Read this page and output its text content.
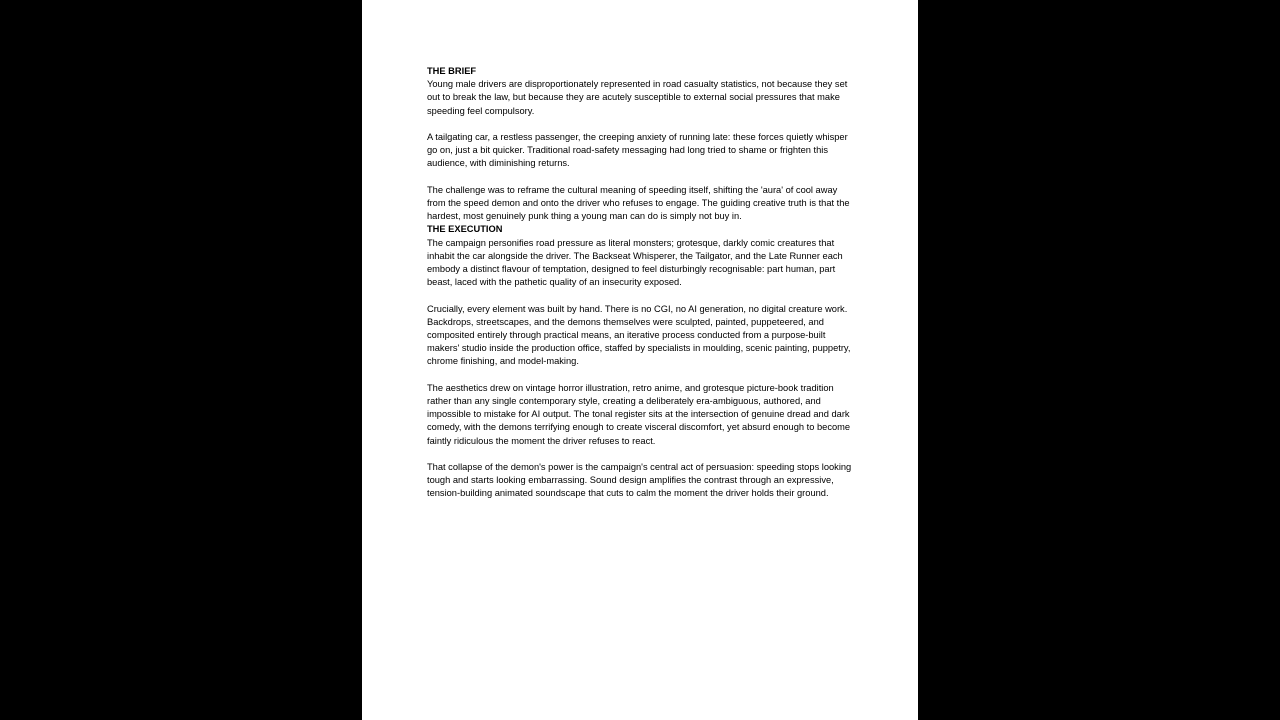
THE BRIEF

Young male drivers are disproportionately represented in road casualty statistics, not because they set out to break the law, but because they are acutely susceptible to external social pressures that make speeding feel compulsory.

A tailgating car, a restless passenger, the creeping anxiety of running late: these forces quietly whisper go on, just a bit quicker. Traditional road-safety messaging had long tried to shame or frighten this audience, with diminishing returns.

The challenge was to reframe the cultural meaning of speeding itself, shifting the 'aura' of cool away from the speed demon and onto the driver who refuses to engage. The guiding creative truth is that the hardest, most genuinely punk thing a young man can do is simply not buy in.

THE EXECUTION

The campaign personifies road pressure as literal monsters; grotesque, darkly comic creatures that inhabit the car alongside the driver. The Backseat Whisperer, the Tailgator, and the Late Runner each embody a distinct flavour of temptation, designed to feel disturbingly recognisable: part human, part beast, laced with the pathetic quality of an insecurity exposed.

Crucially, every element was built by hand. There is no CGI, no AI generation, no digital creature work. Backdrops, streetscapes, and the demons themselves were sculpted, painted, puppeteered, and composited entirely through practical means, an iterative process conducted from a purpose-built makers' studio inside the production office, staffed by specialists in moulding, scenic painting, puppetry, chrome finishing, and model-making.

The aesthetics drew on vintage horror illustration, retro anime, and grotesque picture-book tradition rather than any single contemporary style, creating a deliberately era-ambiguous, authored, and impossible to mistake for AI output. The tonal register sits at the intersection of genuine dread and dark comedy, with the demons terrifying enough to create visceral discomfort, yet absurd enough to become faintly ridiculous the moment the driver refuses to react.

That collapse of the demon's power is the campaign's central act of persuasion: speeding stops looking tough and starts looking embarrassing. Sound design amplifies the contrast through an expressive, tension-building animated soundscape that cuts to calm the moment the driver holds their ground.
